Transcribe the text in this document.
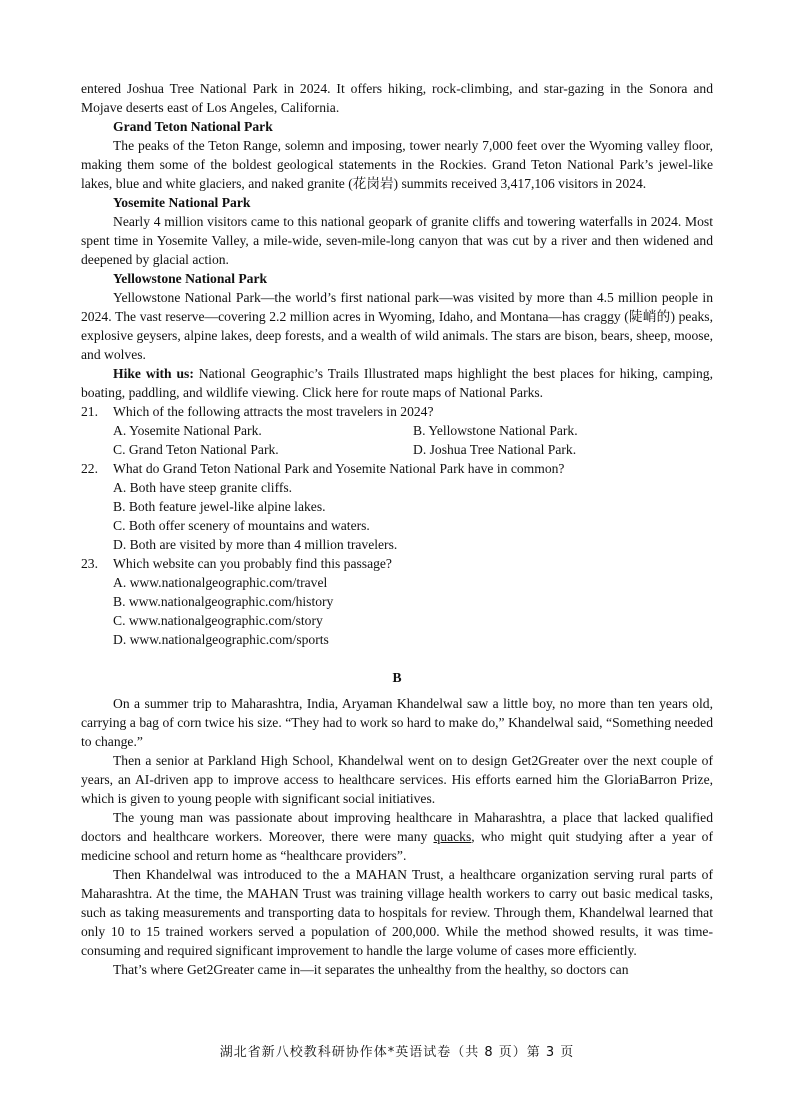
entered Joshua Tree National Park in 2024. It offers hiking, rock-climbing, and star-gazing in the Sonora and Mojave deserts east of Los Angeles, California.

Grand Teton National Park

The peaks of the Teton Range, solemn and imposing, tower nearly 7,000 feet over the Wyoming valley floor, making them some of the boldest geological statements in the Rockies. Grand Teton National Park’s jewel-like lakes, blue and white glaciers, and naked granite (花岗岩) summits received 3,417,106 visitors in 2024.

Yosemite National Park

Nearly 4 million visitors came to this national geopark of granite cliffs and towering waterfalls in 2024. Most spent time in Yosemite Valley, a mile-wide, seven-mile-long canyon that was cut by a river and then widened and deepened by glacial action.

Yellowstone National Park

Yellowstone National Park—the world’s first national park—was visited by more than 4.5 million people in 2024. The vast reserve—covering 2.2 million acres in Wyoming, Idaho, and Montana—has craggy (陡峭的) peaks, explosive geysers, alpine lakes, deep forests, and a wealth of wild animals. The stars are bison, bears, sheep, moose, and wolves.

Hike with us: National Geographic’s Trails Illustrated maps highlight the best places for hiking, camping, boating, paddling, and wildlife viewing. Click here for route maps of National Parks.

21.	Which of the following attracts the most travelers in 2024?
A. Yosemite National Park.	B. Yellowstone National Park.
C. Grand Teton National Park.	D. Joshua Tree National Park.
22.	What do Grand Teton National Park and Yosemite National Park have in common?
A. Both have steep granite cliffs.
B. Both feature jewel-like alpine lakes.
C. Both offer scenery of mountains and waters.
D. Both are visited by more than 4 million travelers.
23.	Which website can you probably find this passage?
A. www.nationalgeographic.com/travel
B. www.nationalgeographic.com/history
C. www.nationalgeographic.com/story
D. www.nationalgeographic.com/sports
B

On a summer trip to Maharashtra, India, Aryaman Khandelwal saw a little boy, no more than ten years old, carrying a bag of corn twice his size. “They had to work so hard to make do,” Khandelwal said, “Something needed to change.”

Then a senior at Parkland High School, Khandelwal went on to design Get2Greater over the next couple of years, an AI-driven app to improve access to healthcare services. His efforts earned him the GloriaBarron Prize, which is given to young people with significant social initiatives.

The young man was passionate about improving healthcare in Maharashtra, a place that lacked qualified doctors and healthcare workers. Moreover, there were many quacks, who might quit studying after a year of medicine school and return home as “healthcare providers”.

Then Khandelwal was introduced to the a MAHAN Trust, a healthcare organization serving rural parts of Maharashtra. At the time, the MAHAN Trust was training village health workers to carry out basic medical tasks, such as taking measurements and transporting data to hospitals for review. Through them, Khandelwal learned that only 10 to 15 trained workers served a population of 200,000. While the method showed results, it was time-consuming and required significant improvement to handle the large volume of cases more efficiently.

That’s where Get2Greater came in—it separates the unhealthy from the healthy, so doctors can

湖北省新八校教科研协作体*英语试卷（共 8 页）第 3 页
